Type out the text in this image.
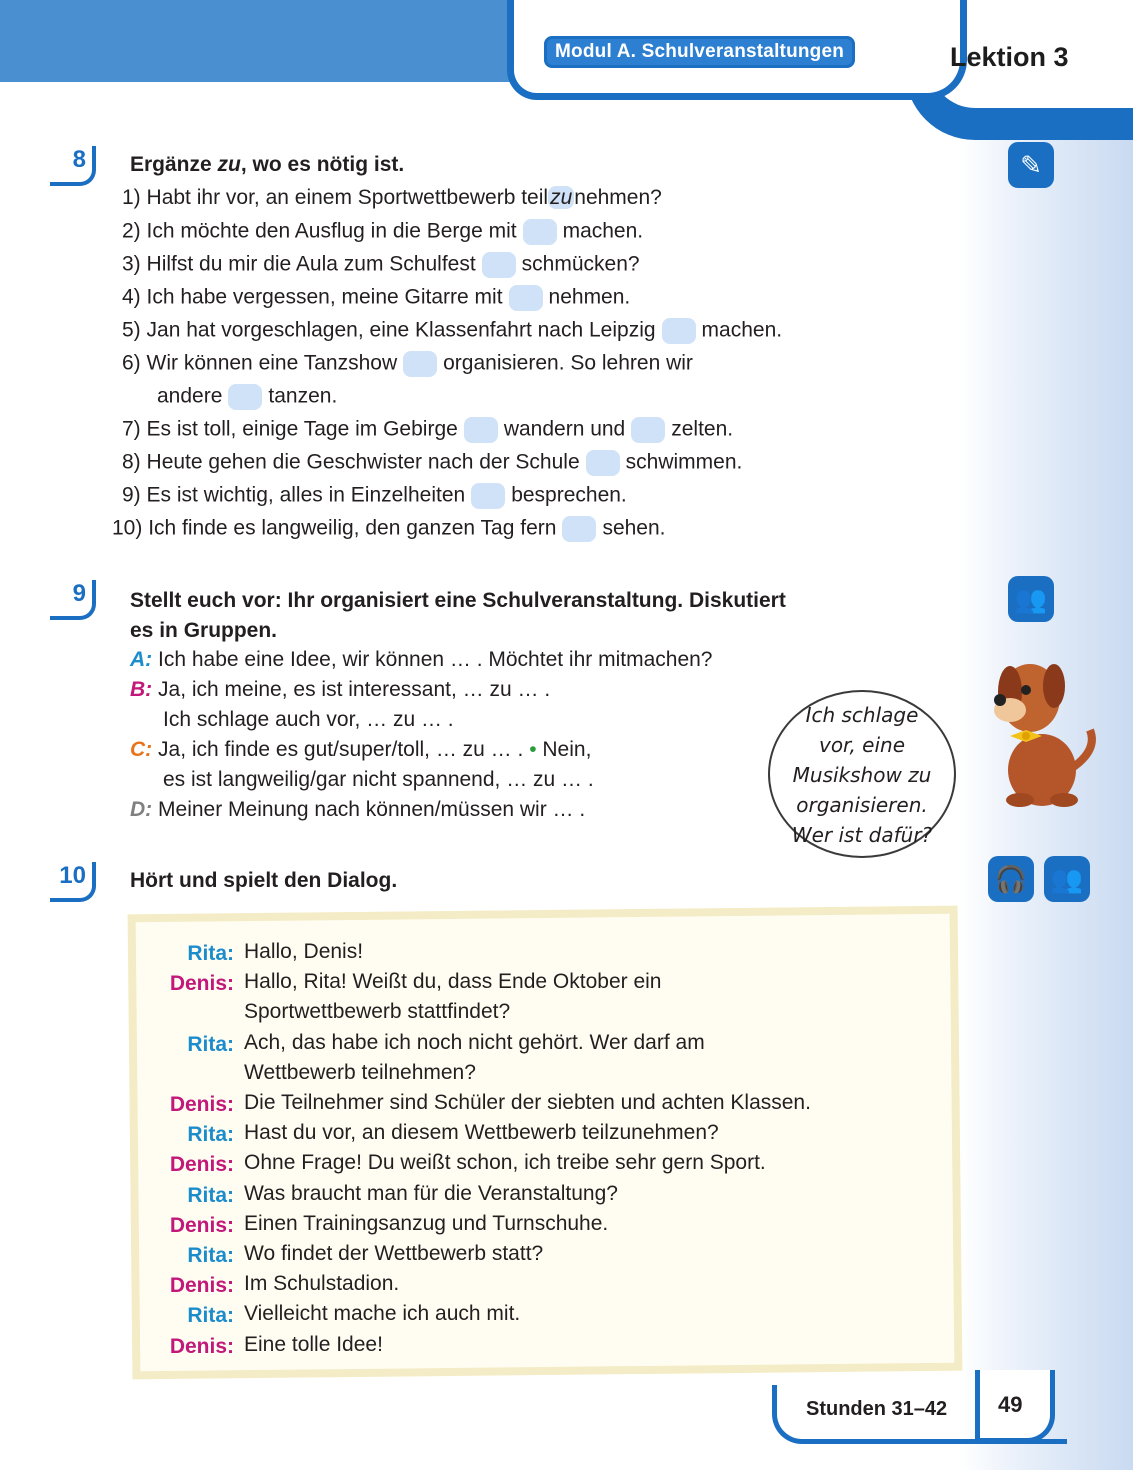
Modul A. Schulveranstaltungen	Lektion 3
8	Ergänze zu, wo es nötig ist.	✎
1) Habt ihr vor, an einem Sportwettbewerb teilzunehmen?
2) Ich möchte den Ausflug in die Berge mit machen.
3) Hilfst du mir die Aula zum Schulfest schmücken?
4) Ich habe vergessen, meine Gitarre mit nehmen.
5) Jan hat vorgeschlagen, eine Klassenfahrt nach Leipzig machen.
6) Wir können eine Tanzshow organisieren. So lehren wir
andere tanzen.
7) Es ist toll, einige Tage im Gebirge wandern und zelten.
8) Heute gehen die Geschwister nach der Schule schwimmen.
9) Es ist wichtig, alles in Einzelheiten besprechen.
10) Ich finde es langweilig, den ganzen Tag fern sehen.
9	Stellt euch vor: Ihr organisiert eine Schulveranstaltung. Diskutiert
es in Gruppen.
👥
A: Ich habe eine Idee, wir können … . Möchtet ihr mitmachen?
B: Ja, ich meine, es ist interessant, … zu … .
Ich schlage auch vor, … zu … .
C: Ja, ich finde es gut/super/toll, … zu … . • Nein,
es ist langweilig/gar nicht spannend, … zu … .
D: Meiner Meinung nach können/müssen wir … .
Ich schlage
vor, eine
Musikshow zu
organisieren.
Wer ist dafür?
10	Hört und spielt den Dialog.	🎧 👥
Rita: Hallo, Denis!
Denis: Hallo, Rita! Weißt du, dass Ende Oktober ein
Sportwettbewerb stattfindet?
Rita: Ach, das habe ich noch nicht gehört. Wer darf am
Wettbewerb teilnehmen?
Denis: Die Teilnehmer sind Schüler der siebten und achten Klassen.
Rita: Hast du vor, an diesem Wettbewerb teilzunehmen?
Denis: Ohne Frage! Du weißt schon, ich treibe sehr gern Sport.
Rita: Was braucht man für die Veranstaltung?
Denis: Einen Trainingsanzug und Turnschuhe.
Rita: Wo findet der Wettbewerb statt?
Denis: Im Schulstadion.
Rita: Vielleicht mache ich auch mit.
Denis: Eine tolle Idee!
Stunden 31–42 49
